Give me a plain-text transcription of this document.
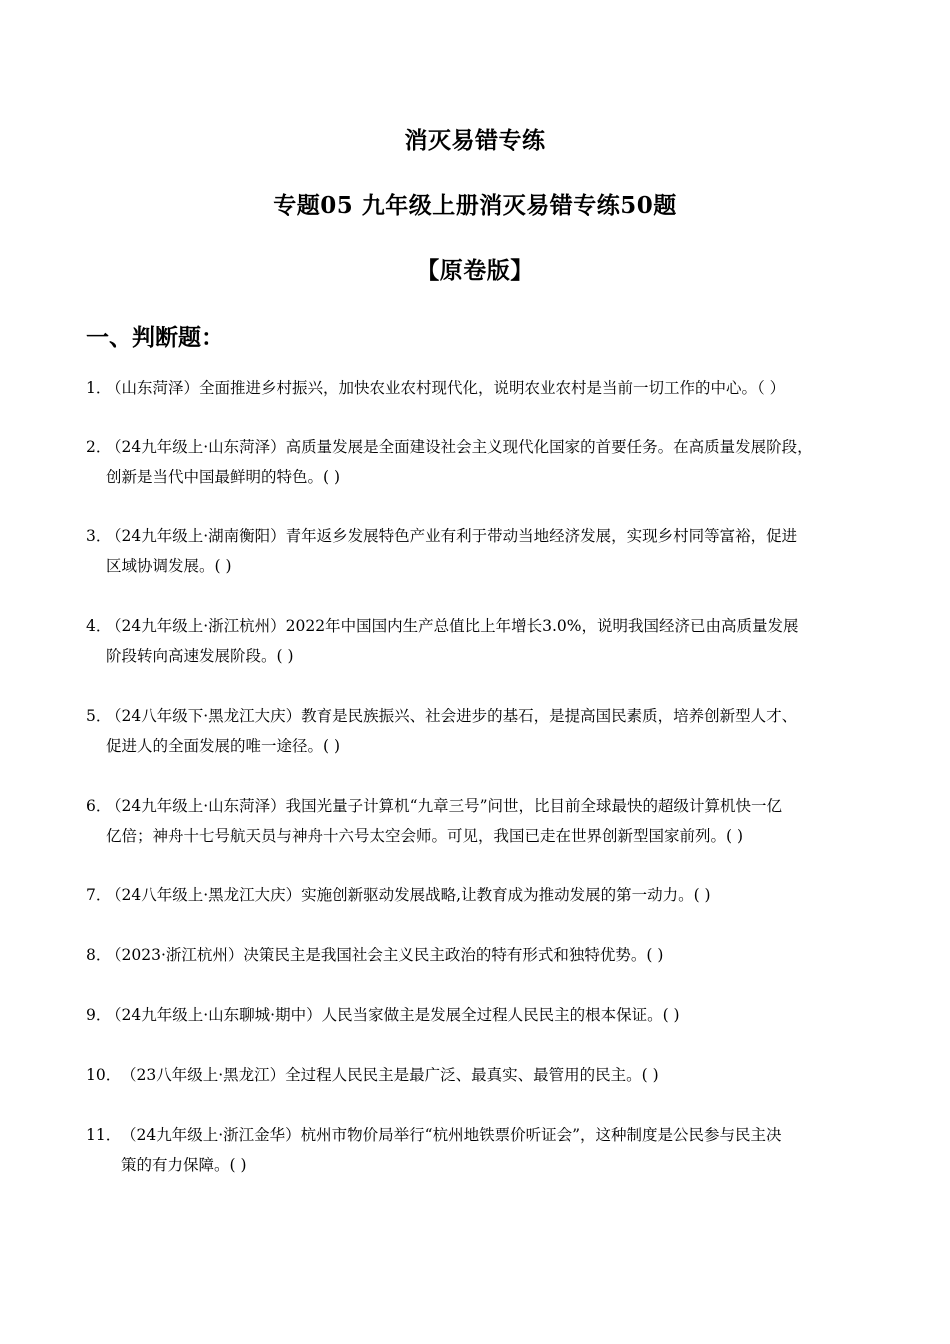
消灭易错专练
专题05 九年级上册消灭易错专练50题
【原卷版】
一、判断题：
1．
（山东菏泽）全面推进乡村振兴，加快农业农村现代化，说明农业农村是当前一切工作的中心。（ ）
2．
（24九年级上·山东菏泽）高质量发展是全面建设社会主义现代化国家的首要任务。在高质量发展阶段，
创新是当代中国最鲜明的特色。( )
3．
（24九年级上·湖南衡阳）青年返乡发展特色产业有利于带动当地经济发展，实现乡村同等富裕，促进
区域协调发展。( )
4．
（24九年级上·浙江杭州）2022年中国国内生产总值比上年增长3.0%，说明我国经济已由高质量发展
阶段转向高速发展阶段。( )
5．
（24八年级下·黑龙江大庆）教育是民族振兴、社会进步的基石，是提高国民素质，培养创新型人才、
促进人的全面发展的唯一途径。( )
6．
（24九年级上·山东菏泽）我国光量子计算机“九章三号”问世，比目前全球最快的超级计算机快一亿
亿倍；神舟十七号航天员与神舟十六号太空会师。可见，我国已走在世界创新型国家前列。( )
7．
（24八年级上·黑龙江大庆）实施创新驱动发展战略,让教育成为推动发展的第一动力。( )
8．
（2023·浙江杭州）决策民主是我国社会主义民主政治的特有形式和独特优势。( )
9．
（24九年级上·山东聊城·期中）人民当家做主是发展全过程人民民主的根本保证。( )
10． （23八年级上·黑龙江）全过程人民民主是最广泛、最真实、最管用的民主。( )
11． （24九年级上·浙江金华）杭州市物价局举行“杭州地铁票价听证会”，这种制度是公民参与民主决
策的有力保障。( )
